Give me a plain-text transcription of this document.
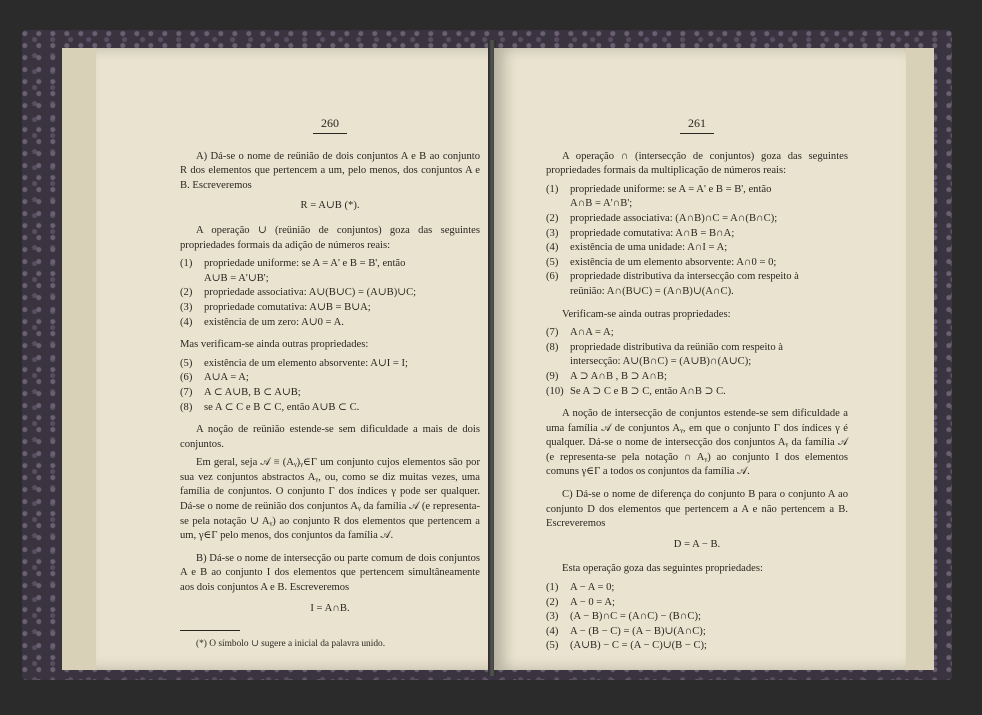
260

A) Dá-se o nome de reünião de dois conjuntos A e B ao conjunto R dos elementos que pertencem a um, pelo menos, dos conjuntos A e B. Escreveremos

R = A∪B (*).

A operação ∪ (reünião de conjuntos) goza das seguintes propriedades formais da adição de números reais:

(1)	propriedade uniforme: se A = A' e B = B', então
A∪B = A'∪B';
(2)	propriedade associativa: A∪(B∪C) = (A∪B)∪C;
(3)	propriedade comutativa: A∪B = B∪A;
(4)	existência de um zero: A∪0 = A.

Mas verificam-se ainda outras propriedades:

(5)	existência de um elemento absorvente: A∪I = I;
(6)	A∪A = A;
(7)	A ⊂ A∪B, B ⊂ A∪B;
(8)	se A ⊂ C e B ⊂ C, então A∪B ⊂ C.

A noção de reünião estende-se sem dificuldade a mais de dois conjuntos.

Em geral, seja 𝒜 ≡ (Aᵧ)ᵧ∈Γ um conjunto cujos elementos são por sua vez conjuntos abstractos Aᵧ, ou, como se diz muitas vezes, uma família de conjuntos. O conjunto Γ dos índices γ pode ser qualquer. Dá-se o nome de reünião dos conjuntos Aᵧ da família 𝒜 (e representa-se pela notação ∪ Aᵧ) ao conjunto R dos elementos que pertencem a um, γ∈Γ pelo menos, dos conjuntos da família 𝒜.

B) Dá-se o nome de intersecção ou parte comum de dois conjuntos A e B ao conjunto I dos elementos que pertencem simultâneamente aos dois conjuntos A e B. Escreveremos

I = A∩B.

(*) O símbolo ∪ sugere a inicial da palavra unido.

261

A operação ∩ (intersecção de conjuntos) goza das seguintes propriedades formais da multiplicação de números reais:

(1)	propriedade uniforme: se A = A' e B = B', então
A∩B = A'∩B';
(2)	propriedade associativa: (A∩B)∩C = A∩(B∩C);
(3)	propriedade comutativa: A∩B = B∩A;
(4)	existência de uma unidade: A∩I = A;
(5)	existência de um elemento absorvente: A∩0 = 0;
(6)	propriedade distributiva da intersecção com respeito à
reünião: A∩(B∪C) = (A∩B)∪(A∩C).

Verificam-se ainda outras propriedades:

(7)	A∩A = A;
(8)	propriedade distributiva da reünião com respeito à
intersecção: A∪(B∩C) = (A∪B)∩(A∪C);
(9)	A ⊃ A∩B , B ⊃ A∩B;
(10) Se A ⊃ C e B ⊃ C, então A∩B ⊃ C.

A noção de intersecção de conjuntos estende-se sem dificuldade a uma família 𝒜 de conjuntos Aᵧ, em que o conjunto Γ dos índices γ é qualquer. Dá-se o nome de intersecção dos conjuntos Aᵧ da família 𝒜 (e representa-se pela notação ∩ Aᵧ) ao conjunto I dos elementos comuns γ∈Γ a todos os conjuntos da família 𝒜.

C) Dá-se o nome de diferença do conjunto B para o conjunto A ao conjunto D dos elementos que pertencem a A e não pertencem a B. Escreveremos

D = A − B.

Esta operação goza das seguintes propriedades:

(1)	A − A = 0;
(2)	A − 0 = A;
(3)	(A − B)∩C = (A∩C) − (B∩C);
(4)	A − (B − C) = (A − B)∪(A∩C);
(5)	(A∪B) − C = (A − C)∪(B − C);
